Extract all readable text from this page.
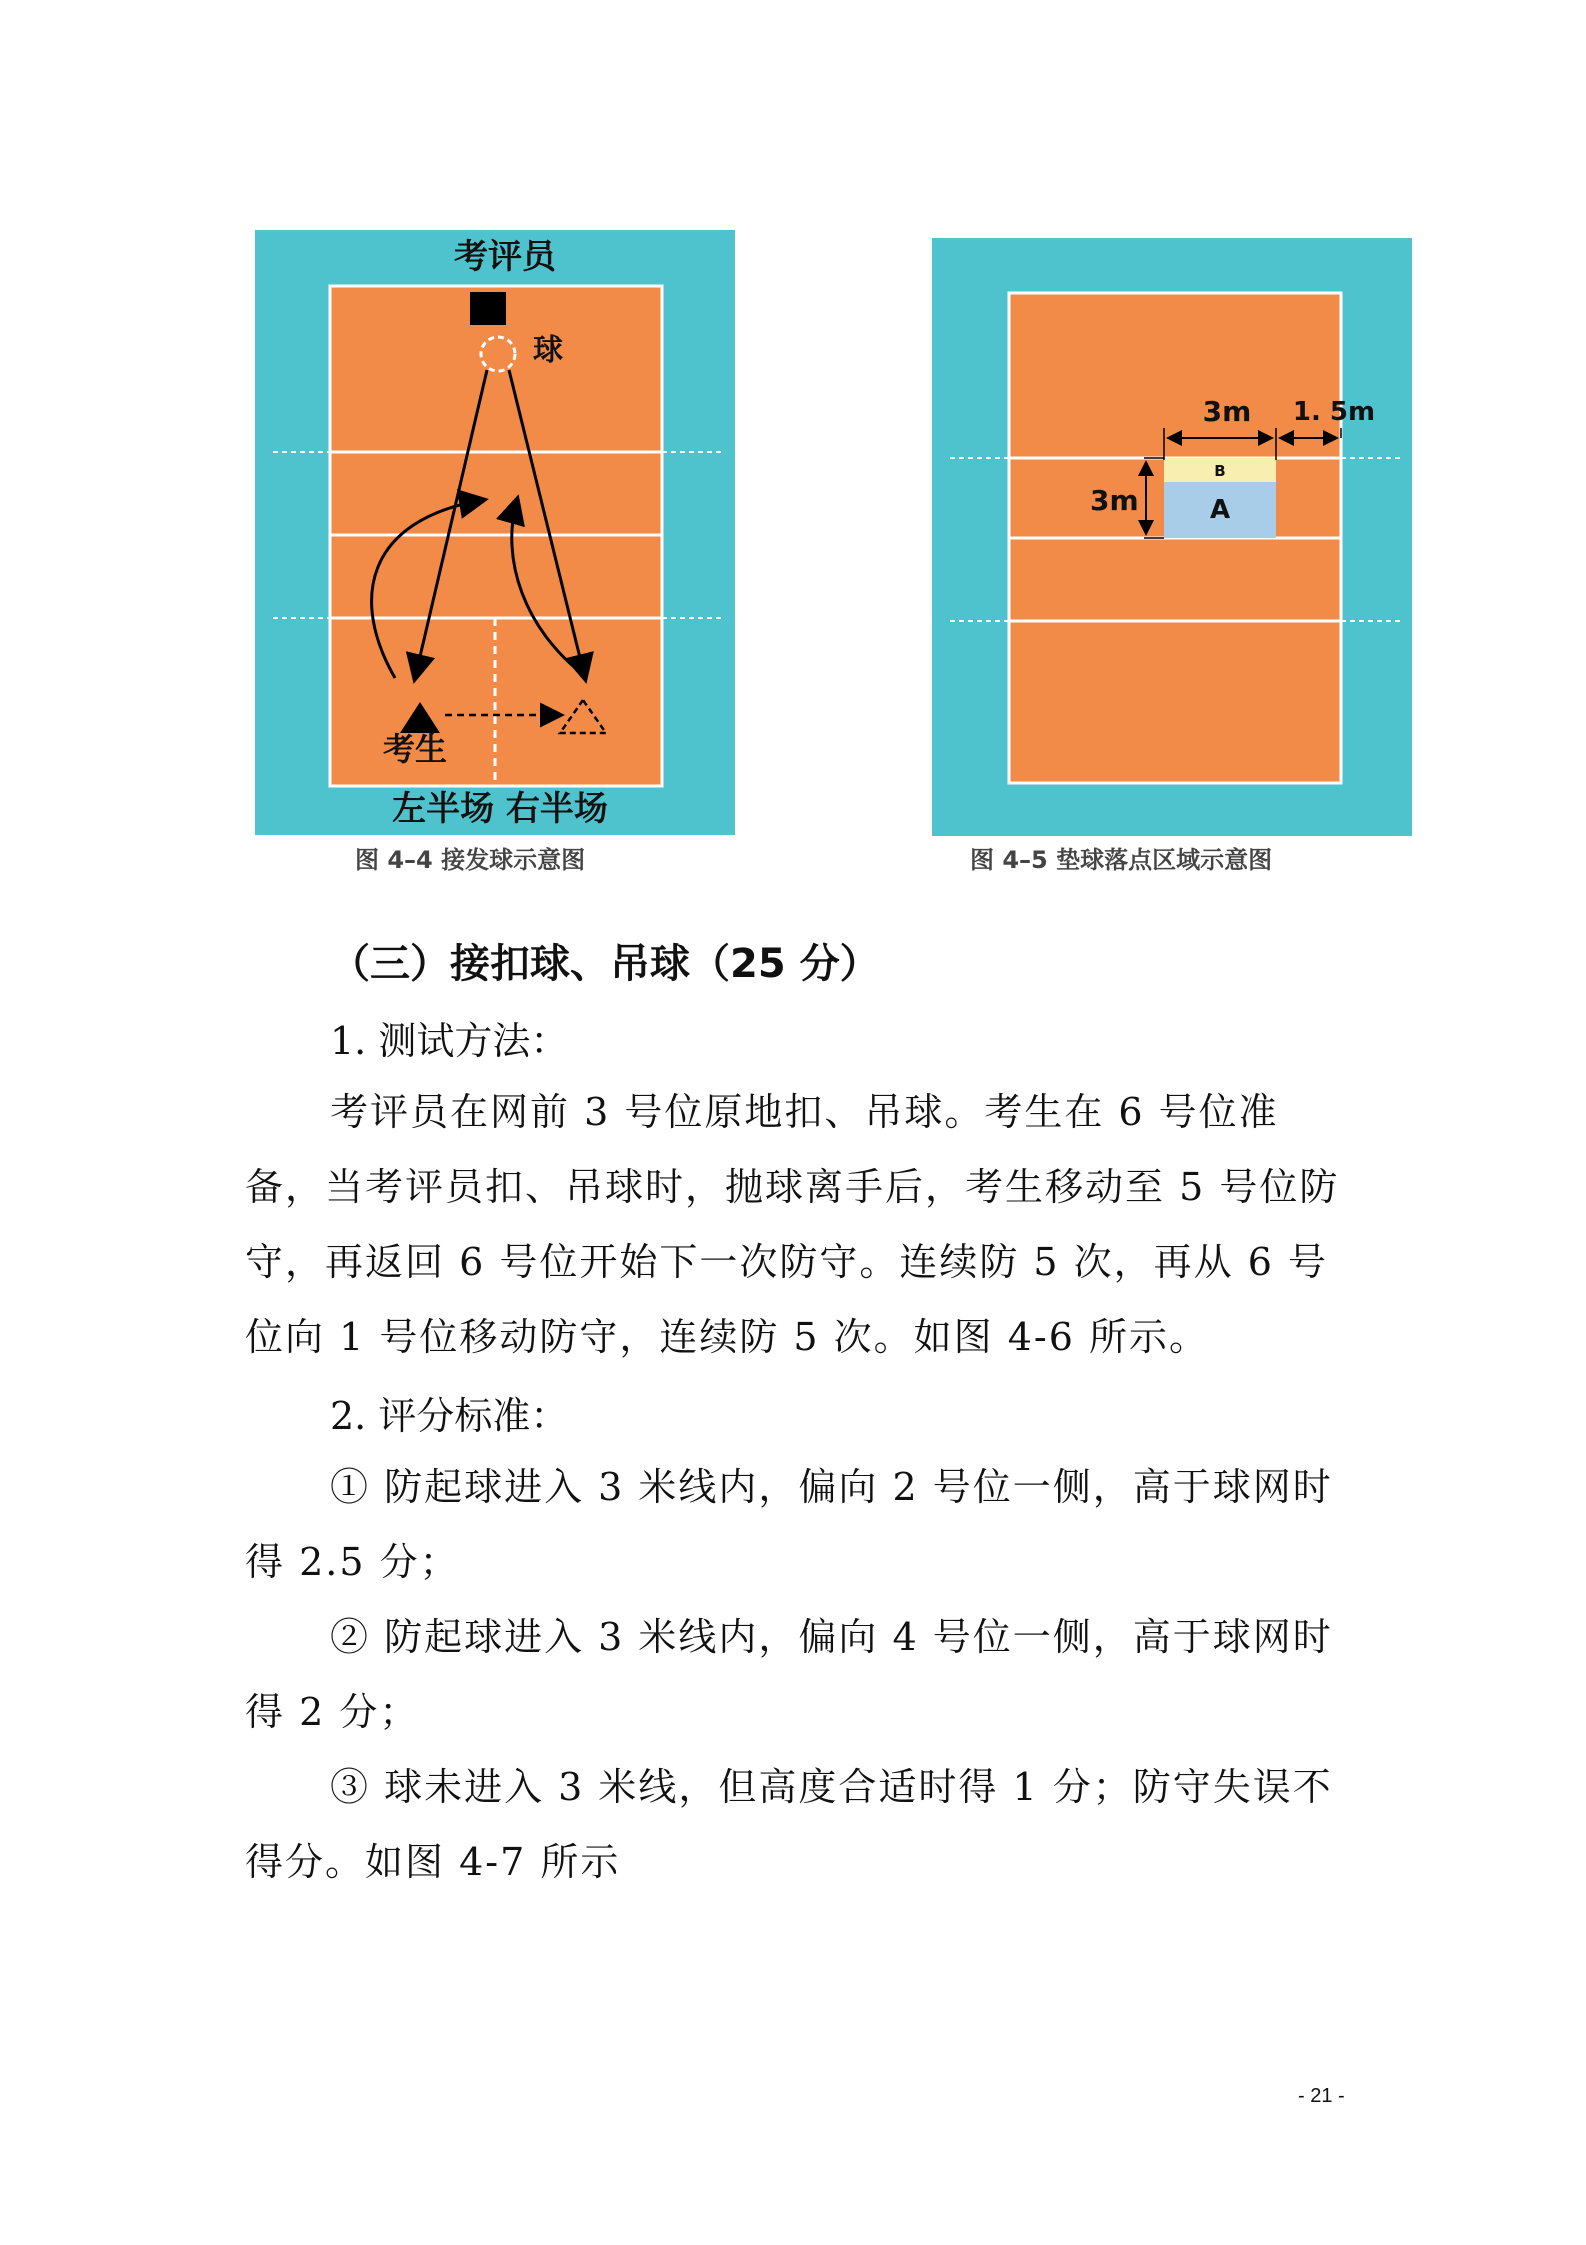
考评员
球
考生
左半场 右半场
3m 1. 5m
3m
B
A
图 4–4 接发球示意图	图 4–5 垫球落点区域示意图
（三）接扣球、吊球（25 分）
1. 测试方法：

考评员在网前 3 号位原地扣、吊球。考生在 6 号位准备，当考评员扣、吊球时，抛球离手后，考生移动至 5 号位防守，再返回 6 号位开始下一次防守。连续防 5 次，再从 6 号位向 1 号位移动防守，连续防 5 次。如图 4-6 所示。

2. 评分标准：

① 防起球进入 3 米线内，偏向 2 号位一侧，高于球网时得 2.5 分；

② 防起球进入 3 米线内，偏向 4 号位一侧，高于球网时得 2 分；

③ 球未进入 3 米线，但高度合适时得 1 分；防守失误不得分。如图 4-7 所示

- 21 -
